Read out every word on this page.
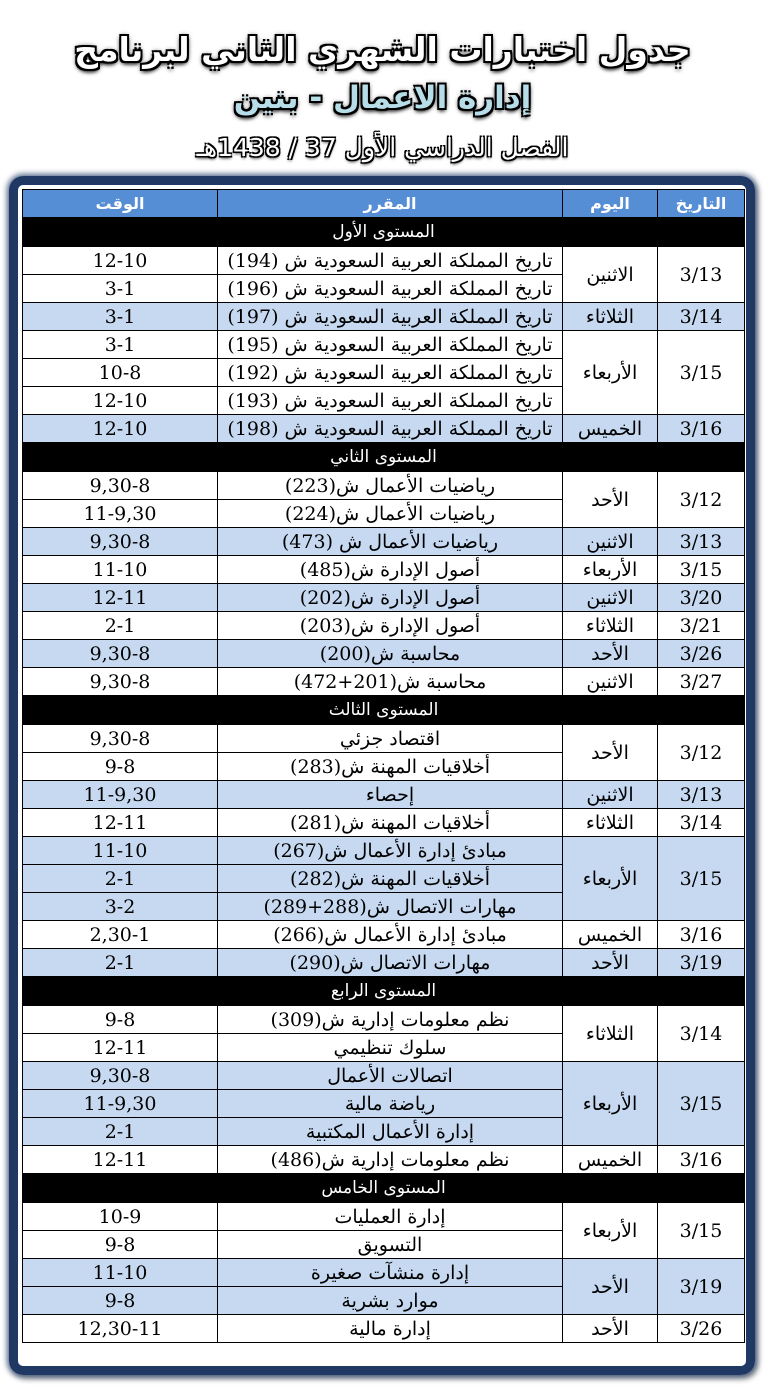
جدول اختبارات الشهري الثاني لبرنامج
إدارة الاعمال - بنين
الفصل الدراسي الأول 37 / 1438هـ
التاريخ	اليوم	المقرر	الوقت
المستوى الأول			
3/13	الاثنين	تاريخ المملكة العربية السعودية ش (194)	12-10
		تاريخ المملكة العربية السعودية ش (196)	3-1
3/14	الثلاثاء	تاريخ المملكة العربية السعودية ش (197)	3-1
3/15	الأربعاء	تاريخ المملكة العربية السعودية ش (195)	3-1
		تاريخ المملكة العربية السعودية ش (192)	10-8
		تاريخ المملكة العربية السعودية ش (193)	12-10
3/16	الخميس	تاريخ المملكة العربية السعودية ش (198)	12-10
المستوى الثاني			
3/12	الأحد	رياضيات الأعمال ش(223)	9,30-8
		رياضيات الأعمال ش(224)	11-9,30
3/13	الاثنين	رياضيات الأعمال ش (473)	9,30-8
3/15	الأربعاء	أصول الإدارة ش(485)	11-10
3/20	الاثنين	أصول الإدارة ش(202)	12-11
3/21	الثلاثاء	أصول الإدارة ش(203)	2-1
3/26	الأحد	محاسبة ش(200)	9,30-8
3/27	الاثنين	محاسبة ش(201+472)	9,30-8
المستوى الثالث			
3/12	الأحد	اقتصاد جزئي	9,30-8
		أخلاقيات المهنة ش(283)	9-8
3/13	الاثنين	إحصاء	11-9,30
3/14	الثلاثاء	أخلاقيات المهنة ش(281)	12-11
3/15	الأربعاء	مبادئ إدارة الأعمال ش(267)	11-10
		أخلاقيات المهنة ش(282)	2-1
		مهارات الاتصال ش(288+289)	3-2
3/16	الخميس	مبادئ إدارة الأعمال ش(266)	2,30-1
3/19	الأحد	مهارات الاتصال ش(290)	2-1
المستوى الرابع			
3/14	الثلاثاء	نظم معلومات إدارية ش(309)	9-8
		سلوك تنظيمي	12-11
3/15	الأربعاء	اتصالات الأعمال	9,30-8
		رياضة مالية	11-9,30
		إدارة الأعمال المكتبية	2-1
3/16	الخميس	نظم معلومات إدارية ش(486)	12-11
المستوى الخامس			
3/15	الأربعاء	إدارة العمليات	10-9
		التسويق	9-8
3/19	الأحد	إدارة منشآت صغيرة	11-10
		موارد بشرية	9-8
3/26	الأحد	إدارة مالية	12,30-11
